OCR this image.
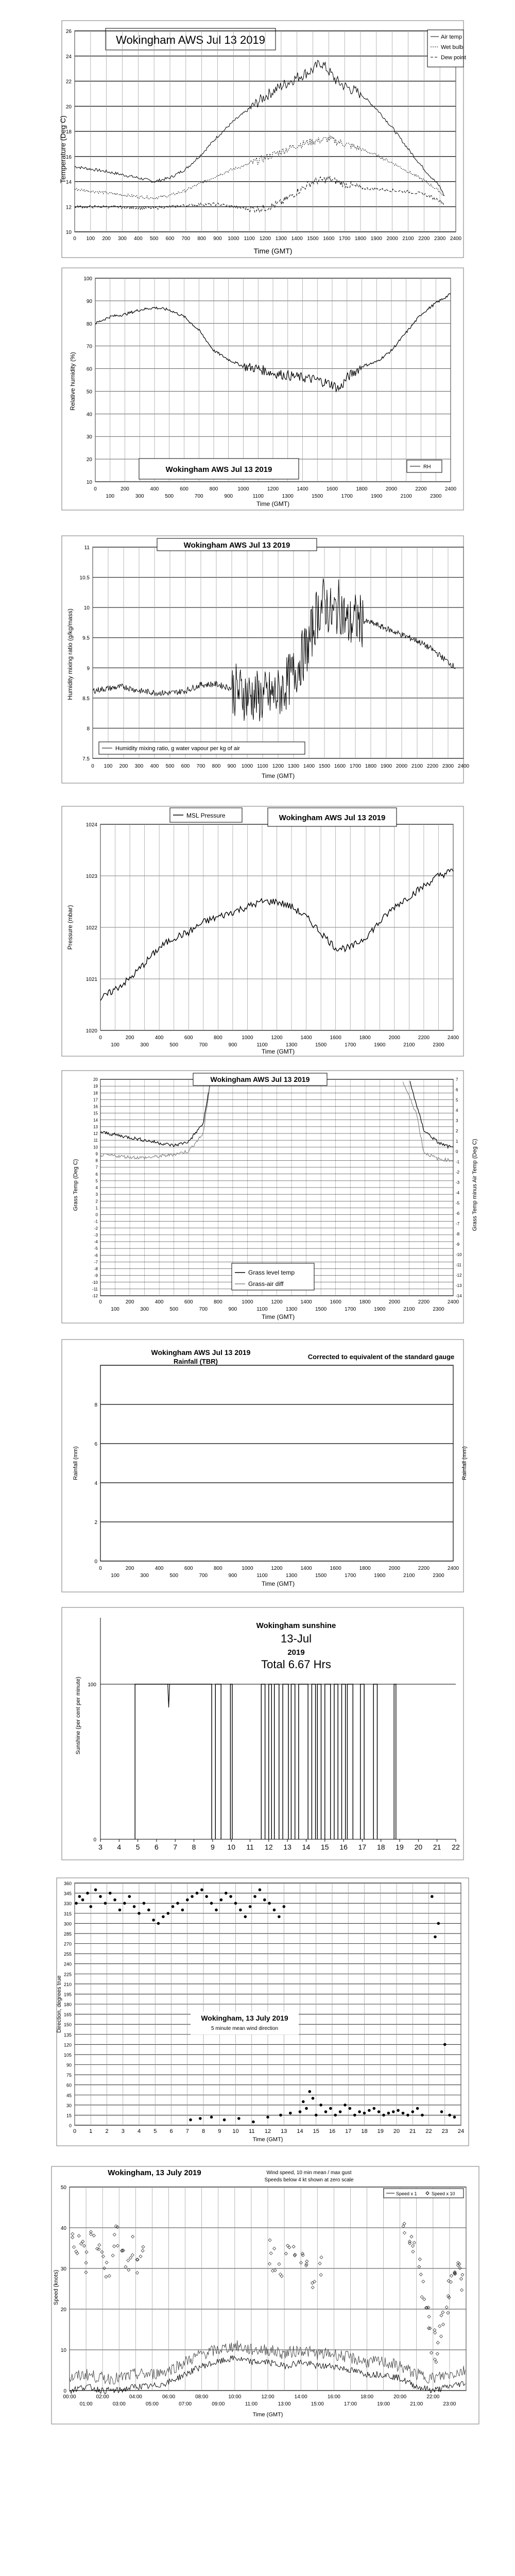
Wokingham AWS Jul 13 2019
Time (GMT)
Temperature (Deg C)
10
12
14
16
18
20
22
24
26
0 100 200 300 400 500 600 700 800 900 1000 1100 1200 1300 1400 1500 1600 1700 1800 1900 2000 2100 2200 2300 2400
Air temp
Wet bulb
Dew point
10
20
30
40
50
60
70
80
90
100
0	200	400	600	800	1000	1200	1400	1600	1800	2000	2200	2400
100	300	500	700	900	1100	1300	1500	1700	1900	2100	2300
Time (GMT)
Relative humidity (%)
Wokingham AWS Jul 13 2019	RH
7.5
8
8.5
9
9.5
10
10.5
11
0 100 200 300 400 500 600 700 800 900 1000 1100 1200 1300 1400 1500 1600 1700 1800 1900 2000 2100 2200 2300 2400
Time (GMT)
Humidity mixing ratio (g/kg/mass)
Wokingham AWS Jul 13 2019
Humidity mixing ratio, g water vapour per kg of air
1020
1021
1022
1023
1024
0	200	400	600	800	1000	1200	1400	1600	1800	2000	2200	2400
100	300	500	700	900	1100	1300	1500	1700	1900	2100	2300
Time (GMT)
Pressure (mbar)
MSL Pressure	Wokingham AWS Jul 13 2019
-12
-11
-10
-9
-8
-7
-6
-5
-4
-3
-2
-1
0
1
2
3
4
5
6
7
8
9
10
11
12
13
14
15
16
17
18
19
20
-14
-13
-12
-11
-10
-9
-8
-7
-6
-5
-4
-3
-2
-1
0
1
2
3
4
5
6
7
0	200	400	600	800	1000	1200	1400	1600	1800	2000	2200	2400
100	300	500	700	900	1100	1300	1500	1700	1900	2100	2300
Time (GMT)
Grass Temp (Deg C)	Grass Temp minus Air Temp (Deg C)
Wokingham AWS Jul 13 2019
Grass level temp
Grass-air diff
0
2
4
6
8
0	200	400	600	800	1000	1200	1400	1600	1800	2000	2200	2400
100	300	500	700	900	1100	1300	1500	1700	1900	2100	2300
Time (GMT)
Rainfall (mm)	Rainfall (mm)
Wokingham AWS Jul 13 2019
Rainfall (TBR)
Corrected to equivalent of the standard gauge
0
100
3 4 5 6 7 8 9 10 11 12 13 14 15 16 17 18 19 20 21 22
Sunshine (per cent per minute)
Wokingham sunshine
13-Jul
2019
Total 6.67 Hrs
0
15
30
45
60
75
90
105
120
135
150
165
180
195
210
225
240
255
270
285
300
315
330
345
360
0 1 2 3 4 5 6 7 8 9 10 11 12 13 14 15 16 17 18 19 20 21 22 23 24
Time (GMT)
Direction, degrees true	Wokingham, 13 July 2019
5 minute mean wind direction
0
10
20
30
40
50
00:00	02:00	04:00	06:00	08:00	10:00	12:00	14:00	16:00	18:00	20:00	22:00
01:00	03:00	05:00	07:00	09:00	11:00	13:00	15:00	17:00	19:00	21:00	23:00
Time (GMT)
Speed (knots)
Wokingham, 13 July 2019	Wind speed, 10 min mean / max gust
Speeds below 4 kt shown at zero scale
Speed x 1	Speed x 10
